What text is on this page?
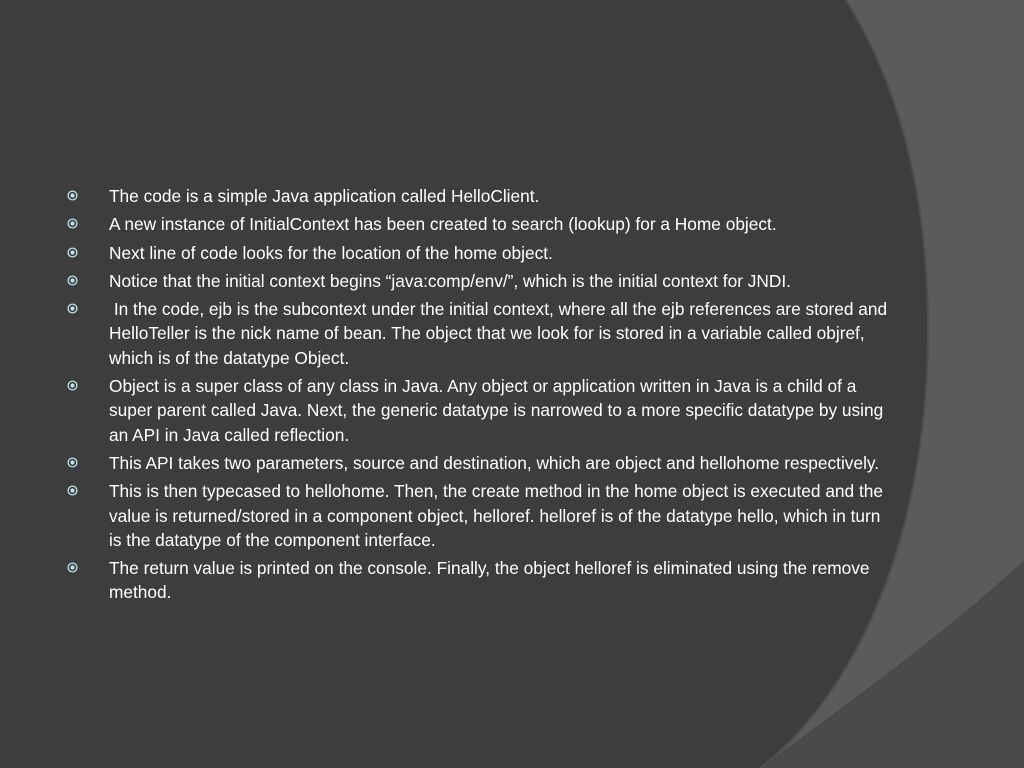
The code is a simple Java application called HelloClient.
A new instance of InitialContext has been created to search (lookup) for a Home object.
Next line of code looks for the location of the home object.
Notice that the initial context begins “java:comp/env/”, which is the initial context for JNDI.
In the code, ejb is the subcontext under the initial context, where all the ejb references are stored and HelloTeller is the nick name of bean. The object that we look for is stored in a variable called objref, which is of the datatype Object.
Object is a super class of any class in Java. Any object or application written in Java is a child of a super parent called Java. Next, the generic datatype is narrowed to a more specific datatype by using an API in Java called reflection.
This API takes two parameters, source and destination, which are object and hellohome respectively.
This is then typecased to hellohome. Then, the create method in the home object is executed and the value is returned/stored in a component object, helloref. helloref is of the datatype hello, which in turn is the datatype of the component interface.
The return value is printed on the console. Finally, the object helloref is eliminated using the remove method.
